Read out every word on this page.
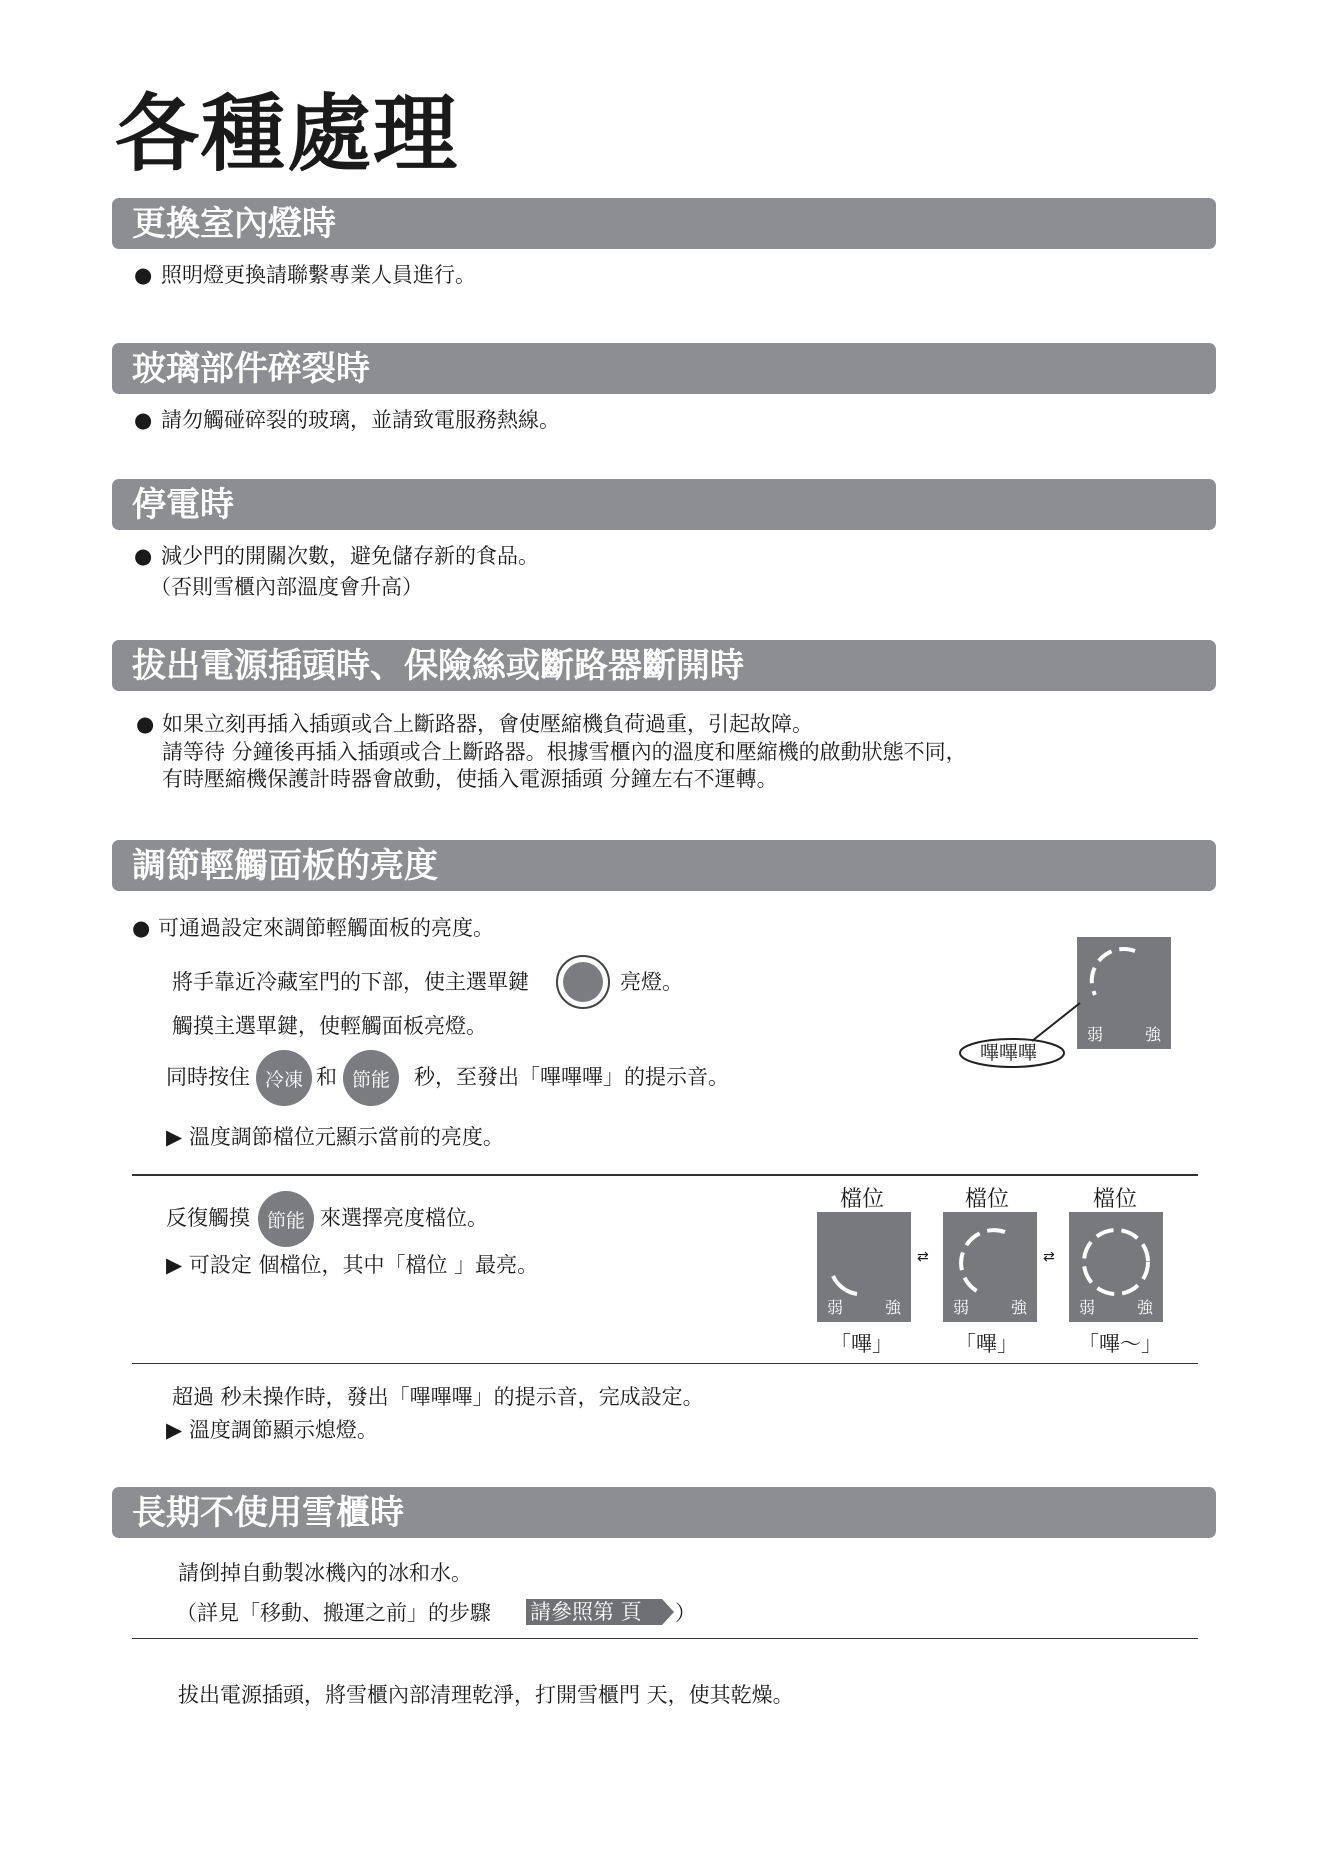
各種處理
更換室內燈時
● 照明燈更換請聯繫專業人員進行。
玻璃部件碎裂時
● 請勿觸碰碎裂的玻璃，並請致電服務熱線。
停電時
● 減少門的開關次數，避免儲存新的食品。
（否則雪櫃內部溫度會升高）
拔出電源插頭時、保險絲或斷路器斷開時
● 如果立刻再插入插頭或合上斷路器，會使壓縮機負荷過重，引起故障。
請等待 分鐘後再插入插頭或合上斷路器。根據雪櫃內的溫度和壓縮機的啟動狀態不同，
有時壓縮機保護計時器會啟動，使插入電源插頭 分鐘左右不運轉。
調節輕觸面板的亮度
● 可通過設定來調節輕觸面板的亮度。
將手靠近冷藏室門的下部，使主選單鍵	亮燈。
觸摸主選單鍵，使輕觸面板亮燈。
同時按住 冷凍 和 節能	秒，至發出「嗶嗶嗶」的提示音。
▶ 溫度調節檔位元顯示當前的亮度。
弱	強
嗶嗶嗶
反復觸摸 節能 來選擇亮度檔位。
▶ 可設定 個檔位，其中「檔位 」最亮。
檔位
弱	強
「嗶」
⇄
檔位
弱	強
「嗶」
⇄
檔位
弱	強
「嗶～」
超過 秒未操作時，發出「嗶嗶嗶」的提示音，完成設定。
▶ 溫度調節顯示熄燈。
長期不使用雪櫃時
請倒掉自動製冰機內的冰和水。
（詳見「移動、搬運之前」的步驟 請參照第 頁 ）
拔出電源插頭，將雪櫃內部清理乾淨，打開雪櫃門 天，使其乾燥。
